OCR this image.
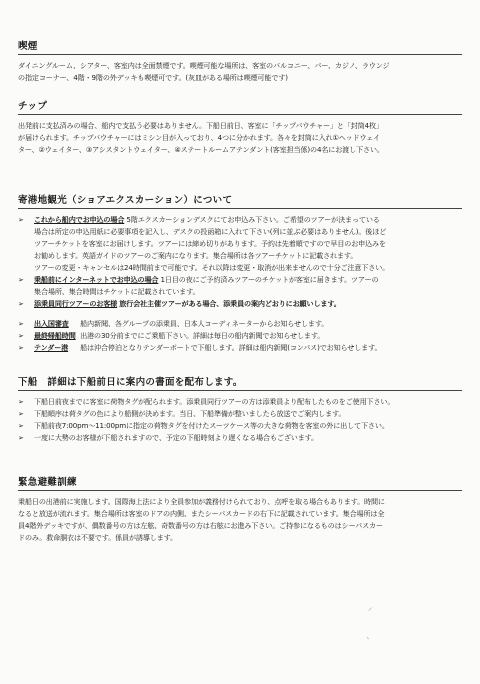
喫煙
ダイニングルーム、シアター、客室内は全面禁煙です。喫煙可能な場所は、客室のバルコニー、バー、カジノ、ラウンジ
の指定コーナー、4階・9階の外デッキも喫煙可です。(灰皿がある場所は喫煙可能です)
チップ
出発前に支払済みの場合、船内で支払う必要はありません。下船日前日、客室に「チップバウチャー」と「封筒4枚」
が届けられます。チップバウチャーにはミシン目が入っており、4つに分かれます。各々を封筒に入れ①ヘッドウェイ
ター、②ウェイター、③アシスタントウェイター、④ステートルームアテンダント(客室担当係)の4名にお渡し下さい。
寄港地観光（ショアエクスカーション）について
➢ これから船内でお申込の場合 5階エクスカーションデスクにてお申込み下さい。ご希望のツアーが決まっている
場合は所定の申込用紙に必要事項を記入し、デスクの投函箱に入れて下さい(列に並ぶ必要はありません)。後ほど
ツアーチケットを客室にお届けします。ツアーには締め切りがあります。予約は先着順ですので早目のお申込みを
お勧めします。英語ガイドのツアーのご案内になります。集合場所は各ツアーチケットに記載されます。
ツアーの変更・キャンセルは24時間前まで可能です。それ以降は変更・取消が出来ませんので十分ご注意下さい。
➢ 乗船前にインターネットでお申込の場合 1日目の夜にご予約済みツアーのチケットが客室に届きます。ツアーの
集合場所、集合時間はチケットに記載されています。
➢ 添乗員同行ツアーのお客様 旅行会社主催ツアーがある場合、添乗員の案内どおりにお願いします。
➢ 出入国審査 船内新聞、各グループの添乗員、日本人コーディネーターからお知らせします。
➢ 最終帰船時間 出港の30分前までにご乗船下さい。詳細は毎日の船内新聞でお知らせします。
➢ テンダー港 船は沖合停泊となりテンダーボートで下船します。詳細は船内新聞(コンパス)でお知らせします。
下船　詳細は下船前日に案内の書面を配布します。
➢ 下船日前夜までに客室に荷物タグが配られます。添乗員同行ツアーの方は添乗員より配布したものをご使用下さい。
➢ 下船順序は荷タグの色により船側が決めます。当日、下船準備が整いましたら放送でご案内します。
➢ 下船前夜7:00pm～11:00pmに指定の荷物タグを付けたスーツケース等の大きな荷物を客室の外に出して下さい。
➢ 一度に大勢のお客様が下船されますので、予定の下船時刻より遅くなる場合もございます。
緊急避難訓練
乗船日の出港前に実施します。国際海上法により全員参加が義務付けられており、点呼を取る場合もあります。時間に
なると放送が流れます。集合場所は客室のドアの内側、またシーパスカードの右下に記載されています。集合場所は全
員4階外デッキですが、偶数番号の方は左舷、奇数番号の方は右舷にお進み下さい。ご持参になるものはシーパスカー
ドのみ。救命胴衣は不要です。係員が誘導します。
⸝
ˎ
